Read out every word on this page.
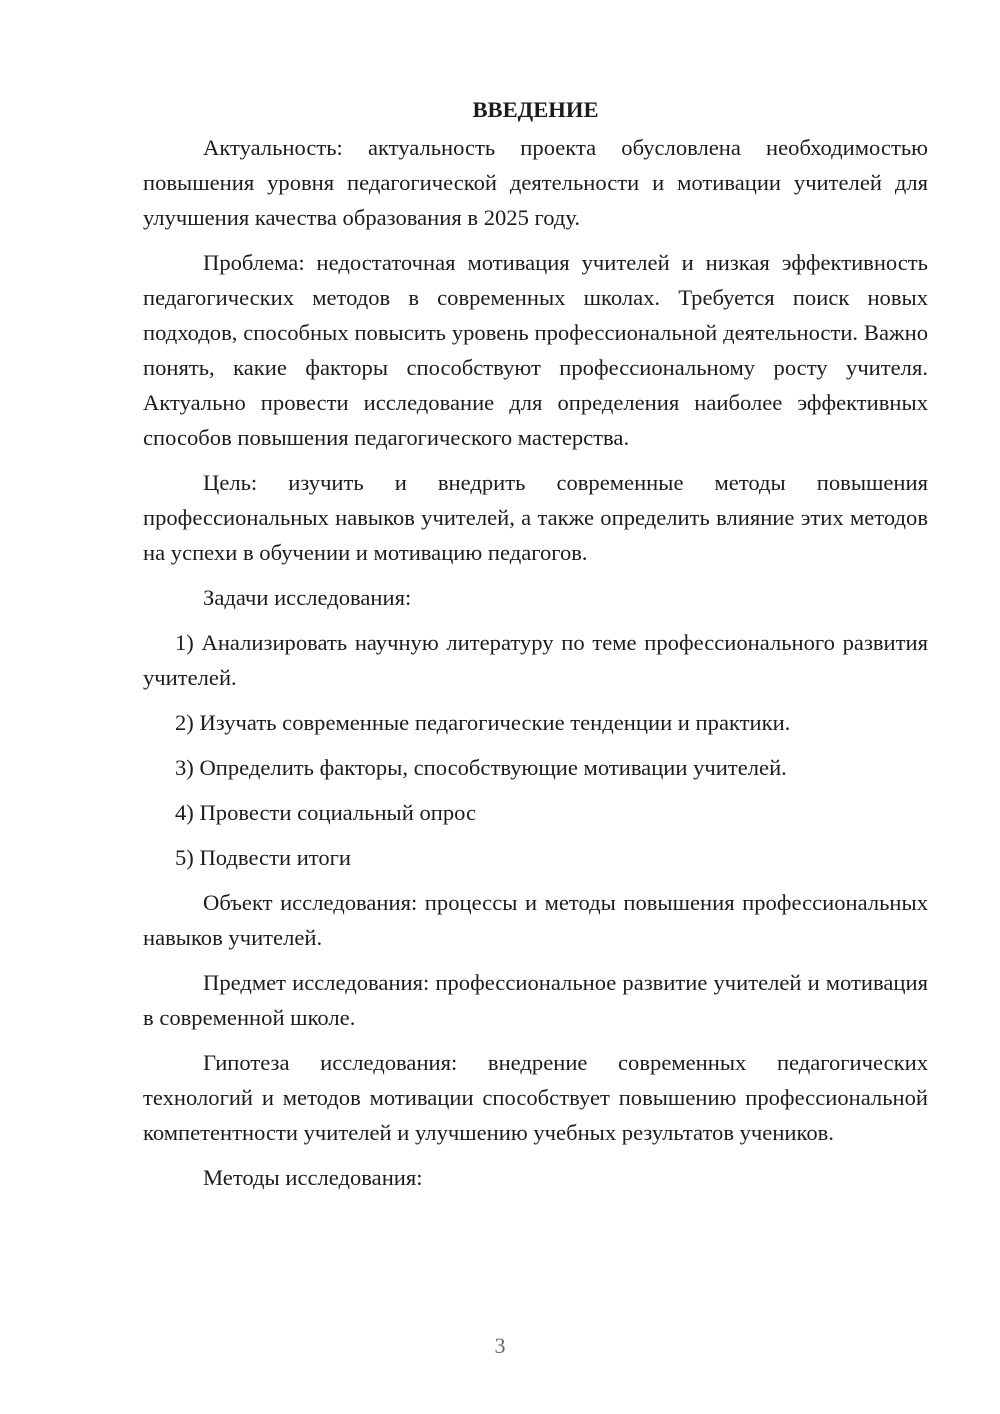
ВВЕДЕНИЕ

Актуальность: актуальность проекта обусловлена необходимостью повышения уровня педагогической деятельности и мотивации учителей для улучшения качества образования в 2025 году.

Проблема: недостаточная мотивация учителей и низкая эффективность педагогических методов в современных школах. Требуется поиск новых подходов, способных повысить уровень профессиональной деятельности. Важно понять, какие факторы способствуют профессиональному росту учителя. Актуально провести исследование для определения наиболее эффективных способов повышения педагогического мастерства.

Цель: изучить и внедрить современные методы повышения профессиональных навыков учителей, а также определить влияние этих методов на успехи в обучении и мотивацию педагогов.

Задачи исследования:

1) Анализировать научную литературу по теме профессионального развития учителей.

2) Изучать современные педагогические тенденции и практики.

3) Определить факторы, способствующие мотивации учителей.

4) Провести социальный опрос

5) Подвести итоги

Объект исследования: процессы и методы повышения профессиональных навыков учителей.

Предмет исследования: профессиональное развитие учителей и мотивация в современной школе.

Гипотеза исследования: внедрение современных педагогических технологий и методов мотивации способствует повышению профессиональной компетентности учителей и улучшению учебных результатов учеников.

Методы исследования:

3
